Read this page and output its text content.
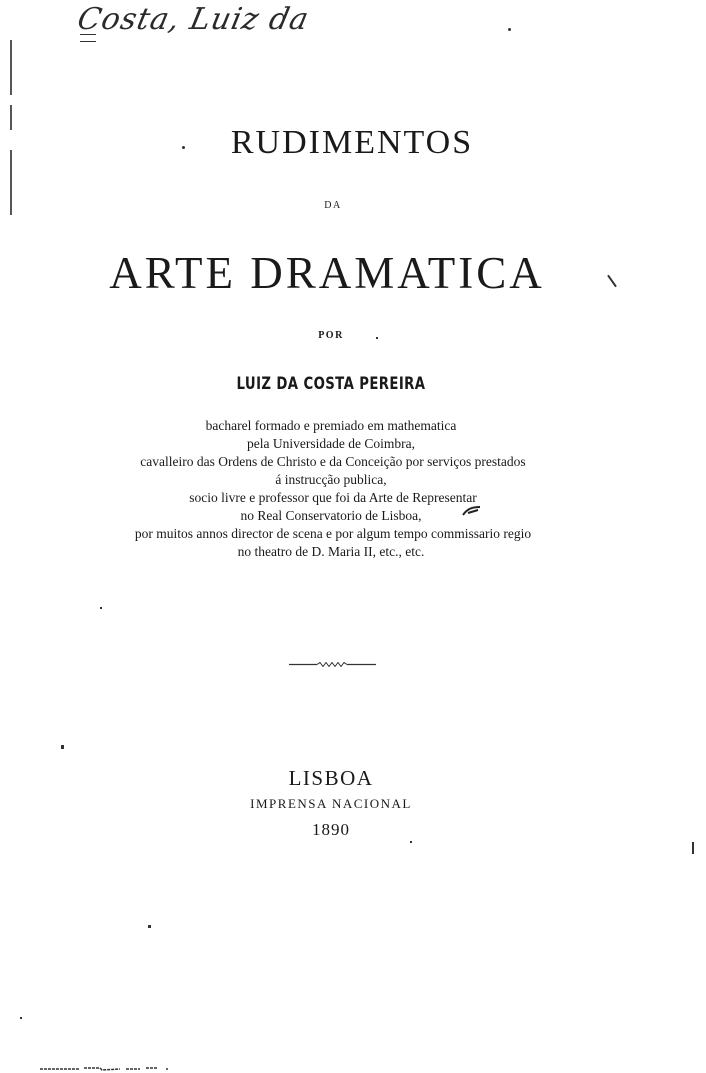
Costa, Luiz da
RUDIMENTOS
DA
ARTE DRAMATICA
POR
LUIZ DA COSTA PEREIRA
bacharel formado e premiado em mathematica
pela Universidade de Coimbra,
cavalleiro das Ordens de Christo e da Conceição por serviços prestados
á instrucção publica,
socio livre e professor que foi da Arte de Representar
no Real Conservatorio de Lisboa,
por muitos annos director de scena e por algum tempo commissario regio
no theatro de D. Maria II, etc., etc.
LISBOA
IMPRENSA NACIONAL
1890
